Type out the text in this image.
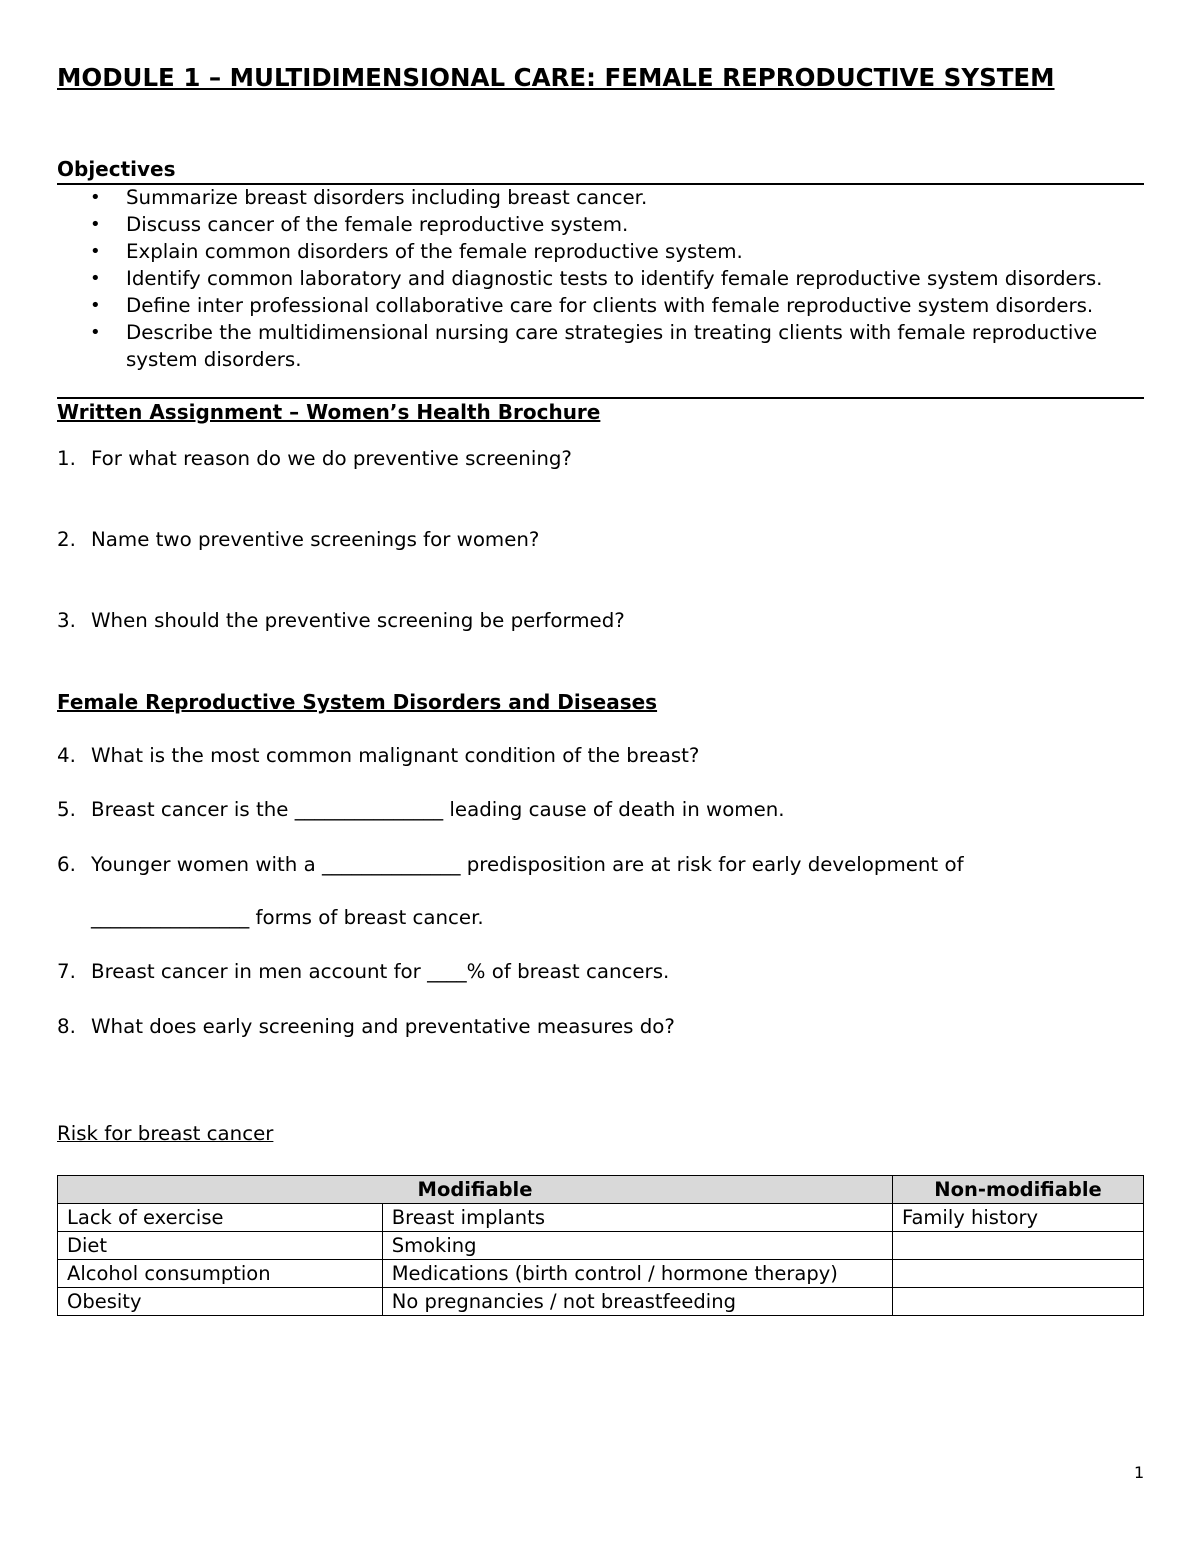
MODULE 1 – MULTIDIMENSIONAL CARE: FEMALE REPRODUCTIVE SYSTEM
Objectives
• Summarize breast disorders including breast cancer.
• Discuss cancer of the female reproductive system.
• Explain common disorders of the female reproductive system.
• Identify common laboratory and diagnostic tests to identify female reproductive system disorders.
• Define inter professional collaborative care for clients with female reproductive system disorders.
• Describe the multidimensional nursing care strategies in treating clients with female reproductive system disorders.
Written Assignment – Women’s Health Brochure
1. For what reason do we do preventive screening?
2. Name two preventive screenings for women?
3. When should the preventive screening be performed?
Female Reproductive System Disorders and Diseases
4. What is the most common malignant condition of the breast?
5. Breast cancer is the _______________ leading cause of death in women.
6. Younger women with a ______________ predisposition are at risk for early development of
________________ forms of breast cancer.
7. Breast cancer in men account for ____% of breast cancers.
8. What does early screening and preventative measures do?
Risk for breast cancer
Modifiable		Non-modifiable
Lack of exercise	Breast implants	Family history
Diet	Smoking	
Alcohol consumption	Medications (birth control / hormone therapy)	
Obesity	No pregnancies / not breastfeeding	
1
